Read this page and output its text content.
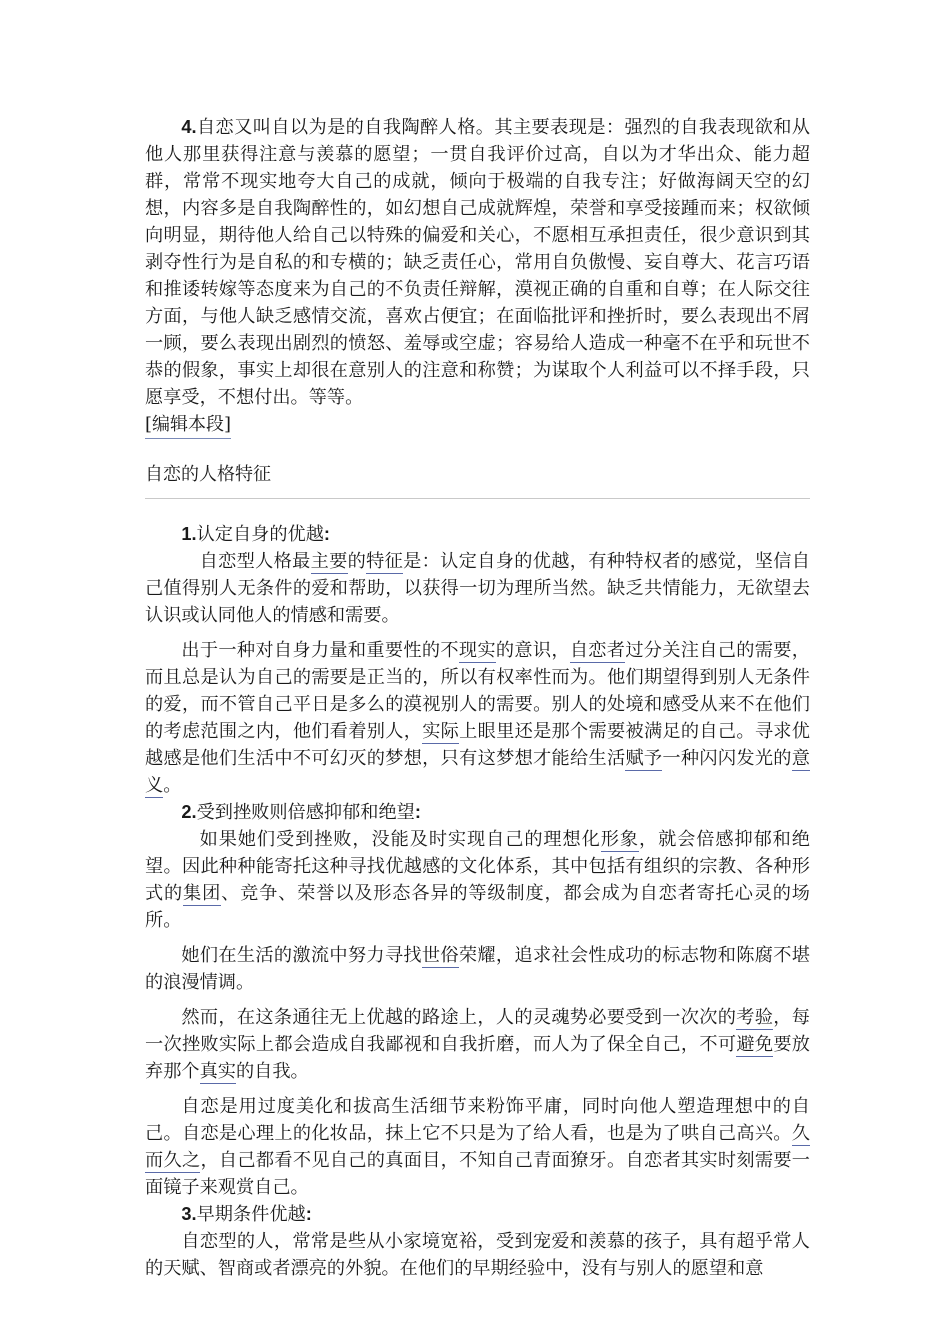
4.自恋又叫自以为是的自我陶醉人格。其主要表现是：强烈的自我表现欲和从他人那里获得注意与羡慕的愿望；一贯自我评价过高，自以为才华出众、能力超群，常常不现实地夸大自己的成就，倾向于极端的自我专注；好做海阔天空的幻想，内容多是自我陶醉性的，如幻想自己成就辉煌，荣誉和享受接踵而来；权欲倾向明显，期待他人给自己以特殊的偏爱和关心，不愿相互承担责任，很少意识到其剥夺性行为是自私的和专横的；缺乏责任心，常用自负傲慢、妄自尊大、花言巧语和推诿转嫁等态度来为自己的不负责任辩解，漠视正确的自重和自尊；在人际交往方面，与他人缺乏感情交流，喜欢占便宜；在面临批评和挫折时，要么表现出不屑一顾，要么表现出剧烈的愤怒、羞辱或空虚；容易给人造成一种毫不在乎和玩世不恭的假象，事实上却很在意别人的注意和称赞；为谋取个人利益可以不择手段，只愿享受，不想付出。等等。

[编辑本段]
自恋的人格特征

1.认定自身的优越:

自恋型人格最主要的特征是：认定自身的优越，有种特权者的感觉，坚信自己值得别人无条件的爱和帮助，以获得一切为理所当然。缺乏共情能力，无欲望去认识或认同他人的情感和需要。

出于一种对自身力量和重要性的不现实的意识，自恋者过分关注自己的需要，而且总是认为自己的需要是正当的，所以有权率性而为。他们期望得到别人无条件的爱，而不管自己平日是多么的漠视别人的需要。别人的处境和感受从来不在他们的考虑范围之内，他们看着别人，实际上眼里还是那个需要被满足的自己。寻求优越感是他们生活中不可幻灭的梦想，只有这梦想才能给生活赋予一种闪闪发光的意义。

2.受到挫败则倍感抑郁和绝望:

如果她们受到挫败，没能及时实现自己的理想化形象，就会倍感抑郁和绝望。因此种种能寄托这种寻找优越感的文化体系，其中包括有组织的宗教、各种形式的集团、竞争、荣誉以及形态各异的等级制度，都会成为自恋者寄托心灵的场所。

她们在生活的激流中努力寻找世俗荣耀，追求社会性成功的标志物和陈腐不堪的浪漫情调。

然而，在这条通往无上优越的路途上，人的灵魂势必要受到一次次的考验，每一次挫败实际上都会造成自我鄙视和自我折磨，而人为了保全自己，不可避免要放弃那个真实的自我。

自恋是用过度美化和拔高生活细节来粉饰平庸，同时向他人塑造理想中的自己。自恋是心理上的化妆品，抹上它不只是为了给人看，也是为了哄自己高兴。久而久之，自己都看不见自己的真面目，不知自己青面獠牙。自恋者其实时刻需要一面镜子来观赏自己。

3.早期条件优越:

自恋型的人，常常是些从小家境宽裕，受到宠爱和羡慕的孩子，具有超乎常人的天赋、智商或者漂亮的外貌。在他们的早期经验中，没有与别人的愿望和意
